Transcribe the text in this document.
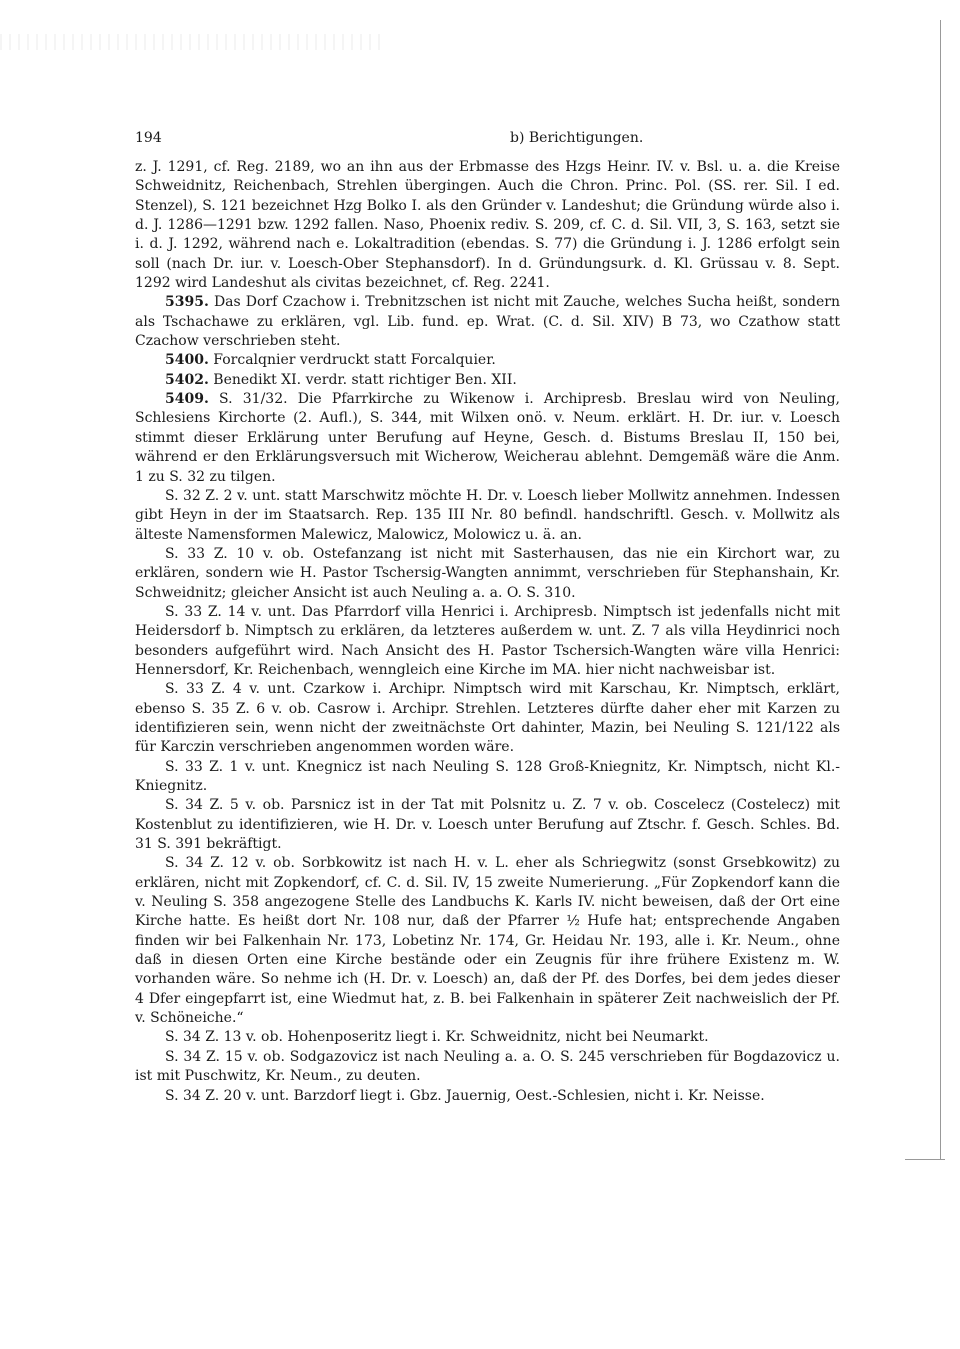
194	b) Berichtigungen.

z. J. 1291, cf. Reg. 2189, wo an ihn aus der Erbmasse des Hzgs Heinr. IV. v. Bsl. u. a. die Kreise Schweidnitz, Reichenbach, Strehlen übergingen. Auch die Chron. Princ. Pol. (SS. rer. Sil. I ed. Stenzel), S. 121 bezeichnet Hzg Bolko I. als den Gründer v. Landeshut; die Gründung würde also i. d. J. 1286—1291 bzw. 1292 fallen. Naso, Phoenix rediv. S. 209, cf. C. d. Sil. VII, 3, S. 163, setzt sie i. d. J. 1292, während nach e. Lokaltradition (ebendas. S. 77) die Gründung i. J. 1286 erfolgt sein soll (nach Dr. iur. v. Loesch-Ober Stephansdorf). In d. Gründungsurk. d. Kl. Grüssau v. 8. Sept. 1292 wird Landeshut als civitas bezeichnet, cf. Reg. 2241.

5395. Das Dorf Czachow i. Trebnitzschen ist nicht mit Zauche, welches Sucha heißt, sondern als Tschachawe zu erklären, vgl. Lib. fund. ep. Wrat. (C. d. Sil. XIV) B 73, wo Czathow statt Czachow verschrieben steht.

5400. Forcalqnier verdruckt statt Forcalquier.

5402. Benedikt XI. verdr. statt richtiger Ben. XII.

5409. S. 31/32. Die Pfarrkirche zu Wikenow i. Archipresb. Breslau wird von Neuling, Schlesiens Kirchorte (2. Aufl.), S. 344, mit Wilxen onö. v. Neum. erklärt. H. Dr. iur. v. Loesch stimmt dieser Erklärung unter Berufung auf Heyne, Gesch. d. Bistums Breslau II, 150 bei, während er den Erklärungsversuch mit Wicherow, Weicherau ablehnt. Demgemäß wäre die Anm. 1 zu S. 32 zu tilgen.

S. 32 Z. 2 v. unt. statt Marschwitz möchte H. Dr. v. Loesch lieber Mollwitz annehmen. Indessen gibt Heyn in der im Staatsarch. Rep. 135 III Nr. 80 befindl. handschriftl. Gesch. v. Mollwitz als älteste Namensformen Malewicz, Malowicz, Molowicz u. ä. an.

S. 33 Z. 10 v. ob. Ostefanzang ist nicht mit Sasterhausen, das nie ein Kirchort war, zu erklären, sondern wie H. Pastor Tschersig-Wangten annimmt, verschrieben für Stephanshain, Kr. Schweidnitz; gleicher Ansicht ist auch Neuling a. a. O. S. 310.

S. 33 Z. 14 v. unt. Das Pfarrdorf villa Henrici i. Archipresb. Nimptsch ist jedenfalls nicht mit Heidersdorf b. Nimptsch zu erklären, da letzteres außerdem w. unt. Z. 7 als villa Heydinrici noch besonders aufgeführt wird. Nach Ansicht des H. Pastor Tschersich-Wangten wäre villa Henrici: Hennersdorf, Kr. Reichenbach, wenngleich eine Kirche im MA. hier nicht nachweisbar ist.

S. 33 Z. 4 v. unt. Czarkow i. Archipr. Nimptsch wird mit Karschau, Kr. Nimptsch, erklärt, ebenso S. 35 Z. 6 v. ob. Casrow i. Archipr. Strehlen. Letzteres dürfte daher eher mit Karzen zu identifizieren sein, wenn nicht der zweitnächste Ort dahinter, Mazin, bei Neuling S. 121/122 als für Karczin verschrieben angenommen worden wäre.

S. 33 Z. 1 v. unt. Knegnicz ist nach Neuling S. 128 Groß-Kniegnitz, Kr. Nimptsch, nicht Kl.-Kniegnitz.

S. 34 Z. 5 v. ob. Parsnicz ist in der Tat mit Polsnitz u. Z. 7 v. ob. Coscelecz (Costelecz) mit Kostenblut zu identifizieren, wie H. Dr. v. Loesch unter Berufung auf Ztschr. f. Gesch. Schles. Bd. 31 S. 391 bekräftigt.

S. 34 Z. 12 v. ob. Sorbkowitz ist nach H. v. L. eher als Schriegwitz (sonst Grsebkowitz) zu erklären, nicht mit Zopkendorf, cf. C. d. Sil. IV, 15 zweite Numerierung. „Für Zopkendorf kann die v. Neuling S. 358 angezogene Stelle des Landbuchs K. Karls IV. nicht beweisen, daß der Ort eine Kirche hatte. Es heißt dort Nr. 108 nur, daß der Pfarrer ½ Hufe hat; entsprechende Angaben finden wir bei Falkenhain Nr. 173, Lobetinz Nr. 174, Gr. Heidau Nr. 193, alle i. Kr. Neum., ohne daß in diesen Orten eine Kirche bestände oder ein Zeugnis für ihre frühere Existenz m. W. vorhanden wäre. So nehme ich (H. Dr. v. Loesch) an, daß der Pf. des Dorfes, bei dem jedes dieser 4 Dfer eingepfarrt ist, eine Wiedmut hat, z. B. bei Falkenhain in späterer Zeit nachweislich der Pf. v. Schöneiche.“

S. 34 Z. 13 v. ob. Hohenposeritz liegt i. Kr. Schweidnitz, nicht bei Neumarkt.

S. 34 Z. 15 v. ob. Sodgazovicz ist nach Neuling a. a. O. S. 245 verschrieben für Bogdazovicz u. ist mit Puschwitz, Kr. Neum., zu deuten.

S. 34 Z. 20 v. unt. Barzdorf liegt i. Gbz. Jauernig, Oest.-Schlesien, nicht i. Kr. Neisse.
